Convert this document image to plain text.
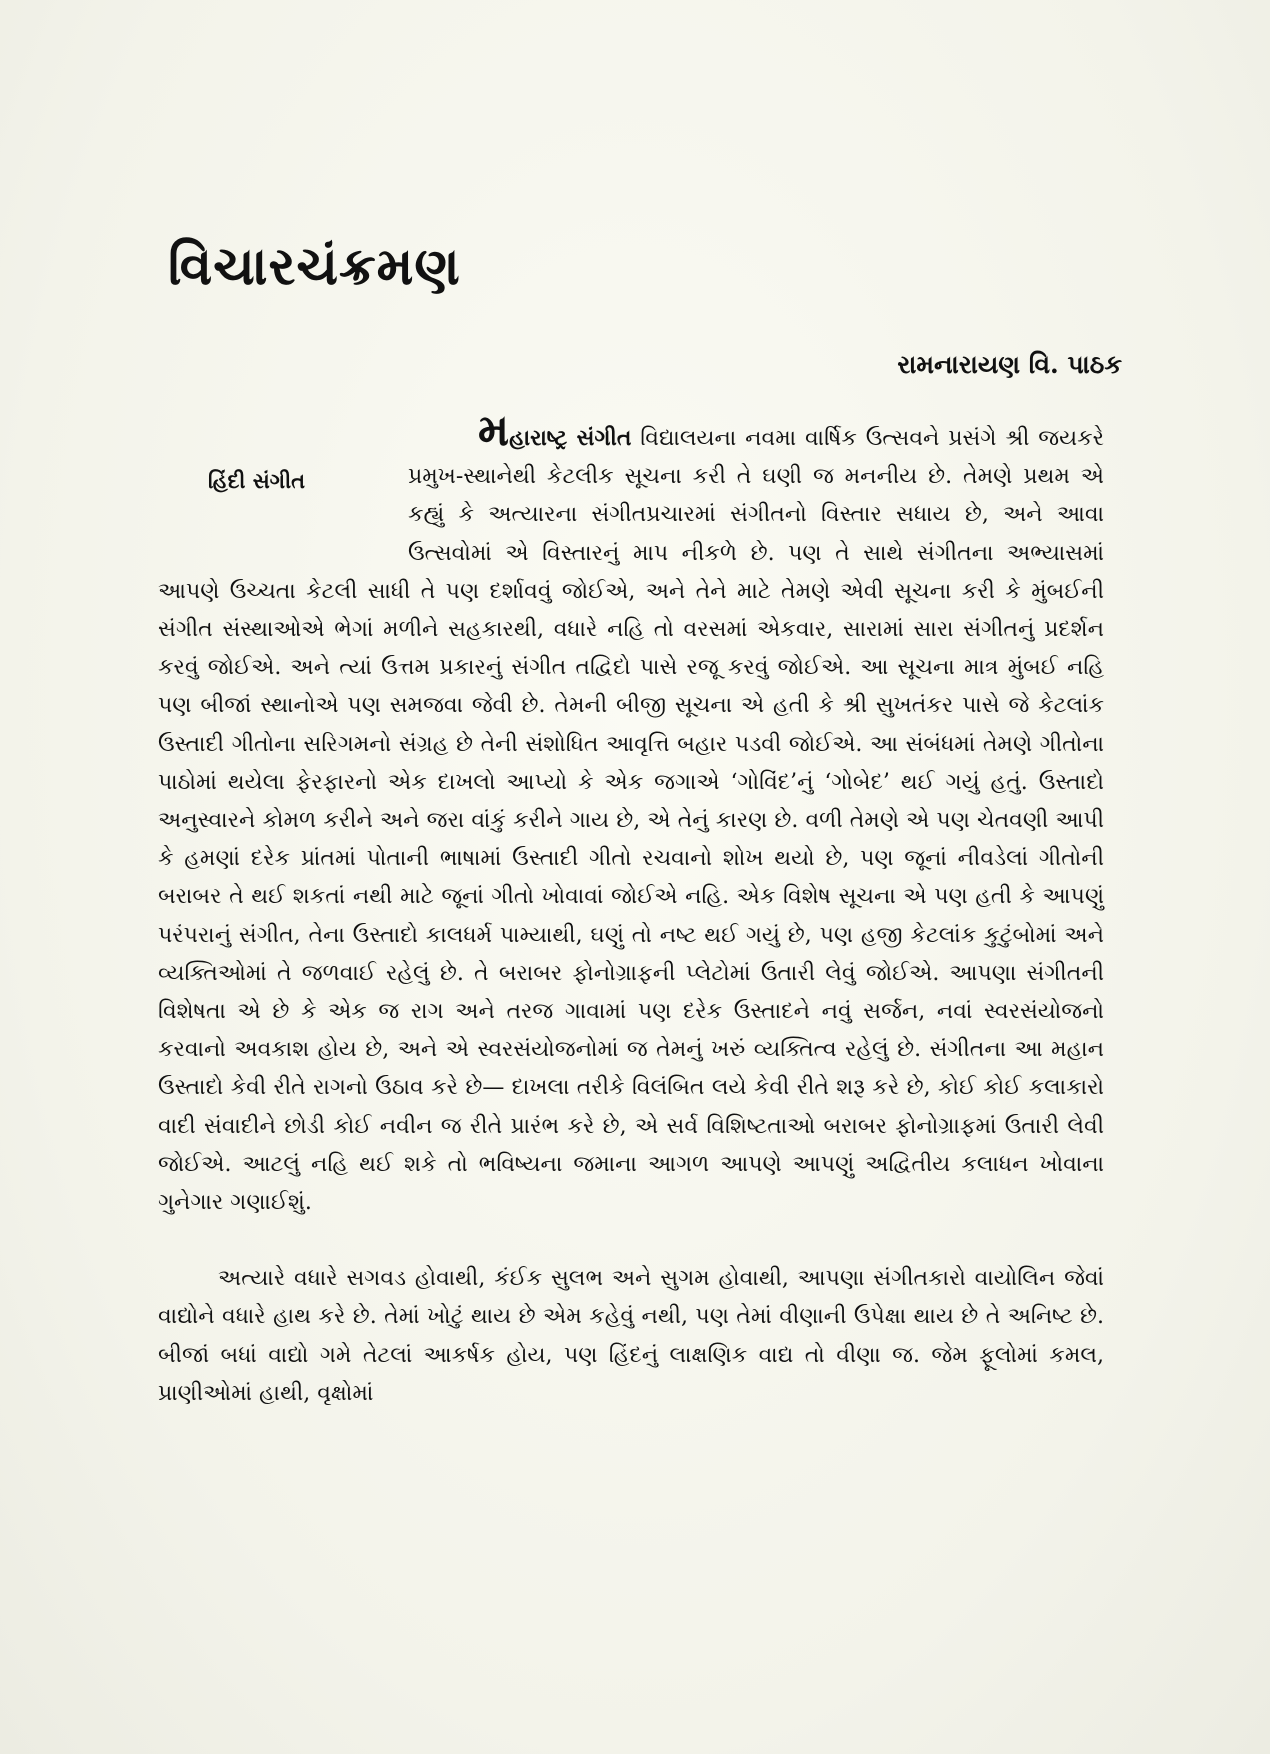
વિચારચંક્રમણ

રામનારાયણ વિ. પાઠક

મહારાષ્ટ્ર સંગીત
હિંદી સંગીત
વિદ્યાલયના નવમા વાર્ષિક ઉત્સવને પ્રસંગે શ્રી જયકરે પ્રમુખ-સ્થાનેથી કેટલીક સૂચના કરી તે ઘણી જ મનનીય છે. તેમણે પ્રથમ એ કહ્યું કે અત્યારના સંગીતપ્રચારમાં સંગીતનો વિસ્તાર સધાય છે, અને આવા ઉત્સવોમાં એ વિસ્તારનું માપ નીકળે છે. પણ તે સાથે સંગીતના અભ્યાસમાં આપણે ઉચ્ચતા કેટલી સાધી તે પણ દર્શાવવું જોઈએ, અને તેને માટે તેમણે એવી સૂચના કરી કે મુંબઈની સંગીત સંસ્થાઓએ ભેગાં મળીને સહકારથી, વધારે નહિ તો વરસમાં એકવાર, સારામાં સારા સંગીતનું પ્રદર્શન કરવું જોઈએ. અને ત્યાં ઉત્તમ પ્રકારનું સંગીત તદ્વિદો પાસે રજૂ કરવું જોઈએ. આ સૂચના માત્ર મુંબઈ નહિ પણ બીજાં સ્થાનોએ પણ સમજવા જેવી છે. તેમની બીજી સૂચના એ હતી કે શ્રી સુખતંકર પાસે જે કેટલાંક ઉસ્તાદી ગીતોના સરિગમનો સંગ્રહ છે તેની સંશોધિત આવૃત્તિ બહાર પડવી જોઈએ. આ સંબંધમાં તેમણે ગીતોના પાઠોમાં થયેલા ફેરફારનો એક દાખલો આપ્યો કે એક જગાએ ‘ગોવિંદ’નું ‘ગોબેદ’ થઈ ગયું હતું. ઉસ્તાદો અનુસ્વારને કોમળ કરીને અને જરા વાંકું કરીને ગાય છે, એ તેનું કારણ છે. વળી તેમણે એ પણ ચેતવણી આપી કે હમણાં દરેક પ્રાંતમાં પોતાની ભાષામાં ઉસ્તાદી ગીતો રચવાનો શોખ થયો છે, પણ જૂનાં નીવડેલાં ગીતોની બરાબર તે થઈ શકતાં નથી માટે જૂનાં ગીતો ખોવાવાં જોઈએ નહિ. એક વિશેષ સૂચના એ પણ હતી કે આપણું પરંપરાનું સંગીત, તેના ઉસ્તાદો કાલધર્મ પામ્યાથી, ઘણું તો નષ્ટ થઈ ગયું છે, પણ હજી કેટલાંક કુટુંબોમાં અને વ્યક્તિઓમાં તે જળવાઈ રહેલું છે. તે બરાબર ફોનોગ્રાફની પ્લેટોમાં ઉતારી લેવું જોઈએ. આપણા સંગીતની વિશેષતા એ છે કે એક જ રાગ અને તરજ ગાવામાં પણ દરેક ઉસ્તાદને નવું સર્જન, નવાં સ્વરસંયોજનો કરવાનો અવકાશ હોય છે, અને એ સ્વરસંયોજનોમાં જ તેમનું ખરું વ્યક્તિત્વ રહેલું છે. સંગીતના આ મહાન ઉસ્તાદો કેવી રીતે રાગનો ઉઠાવ કરે છે— દાખલા તરીકે વિલંબિત લયે કેવી રીતે શરૂ કરે છે, કોઈ કોઈ કલાકારો વાદી સંવાદીને છોડી કોઈ નવીન જ રીતે પ્રારંભ કરે છે, એ સર્વ વિશિષ્ટતાઓ બરાબર ફોનોગ્રાફમાં ઉતારી લેવી જોઈએ. આટલું નહિ થઈ શકે તો ભવિષ્યના જમાના આગળ આપણે આપણું અદ્વિતીય કલાધન ખોવાના ગુનેગાર ગણાઈશું.

અત્યારે વધારે સગવડ હોવાથી, કંઈક સુલભ અને સુગમ હોવાથી, આપણા સંગીતકારો વાયોલિન જેવાં વાદ્યોને વધારે હાથ કરે છે. તેમાં ખોટું થાય છે એમ કહેવું નથી, પણ તેમાં વીણાની ઉપેક્ષા થાય છે તે અનિષ્ટ છે. બીજાં બધાં વાદ્યો ગમે તેટલાં આકર્ષક હોય, પણ હિંદનું લાક્ષણિક વાદ્ય તો વીણા જ. જેમ ફૂલોમાં કમલ, પ્રાણીઓમાં હાથી, વૃક્ષોમાં
